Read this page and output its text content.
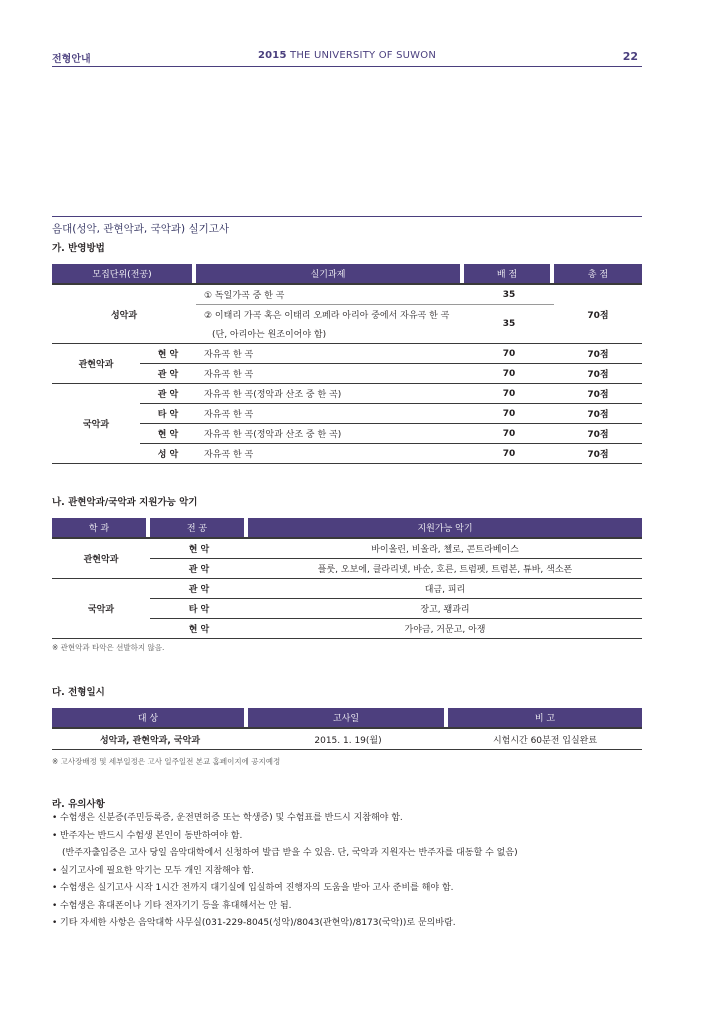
전형안내	2015 THE UNIVERSITY OF SUWON	22
음대(성악, 관현악과, 국악과) 실기고사
가. 반영방법
모집단위(전공)		실기과제	배 점	총 점
성악과		① 독일가곡 중 한 곡	35	70점
		② 이태리 가곡 혹은 이태리 오페라 아리아 중에서 자유곡 한 곡	35	
		(단, 아리아는 원조이어야 함)		
관현악과	현 악	자유곡 한 곡	70	70점
	관 악	자유곡 한 곡	70	70점
국악과	관 악	자유곡 한 곡(정악과 산조 중 한 곡)	70	70점
	타 악	자유곡 한 곡	70	70점
	현 악	자유곡 한 곡(정악과 산조 중 한 곡)	70	70점
	성 악	자유곡 한 곡	70	70점
나. 관현악과/국악과 지원가능 악기
학 과	전 공	지원가능 악기
관현악과	현 악	바이올린, 비올라, 첼로, 콘트라베이스
	관 악	플룻, 오보에, 클라리넷, 바순, 호른, 트럼펫, 트럼본, 튜바, 색소폰
국악과	관 악	대금, 피리
	타 악	장고, 꽹과리
	현 악	가야금, 거문고, 아쟁
※ 관현악과 타악은 선발하지 않음.
다. 전형일시
대 상	고사일	비 고
성악과, 관현악과, 국악과	2015. 1. 19(월)	시험시간 60분전 입실완료
※ 고사장배정 및 세부일정은 고사 일주일전 본교 홈페이지에 공지예정
라. 유의사항
• 수험생은 신분증(주민등록증, 운전면허증 또는 학생증) 및 수험표를 반드시 지참해야 함.
• 반주자는 반드시 수험생 본인이 동반하여야 함.
(반주자출입증은 고사 당일 음악대학에서 신청하여 발급 받을 수 있음. 단, 국악과 지원자는 반주자를 대동할 수 없음)
• 실기고사에 필요한 악기는 모두 개인 지참해야 함.
• 수험생은 실기고사 시작 1시간 전까지 대기실에 입실하여 진행자의 도움을 받아 고사 준비를 해야 함.
• 수험생은 휴대폰이나 기타 전자기기 등을 휴대해서는 안 됨.
• 기타 자세한 사항은 음악대학 사무실(031-229-8045(성악)/8043(관현악)/8173(국악))로 문의바람.
